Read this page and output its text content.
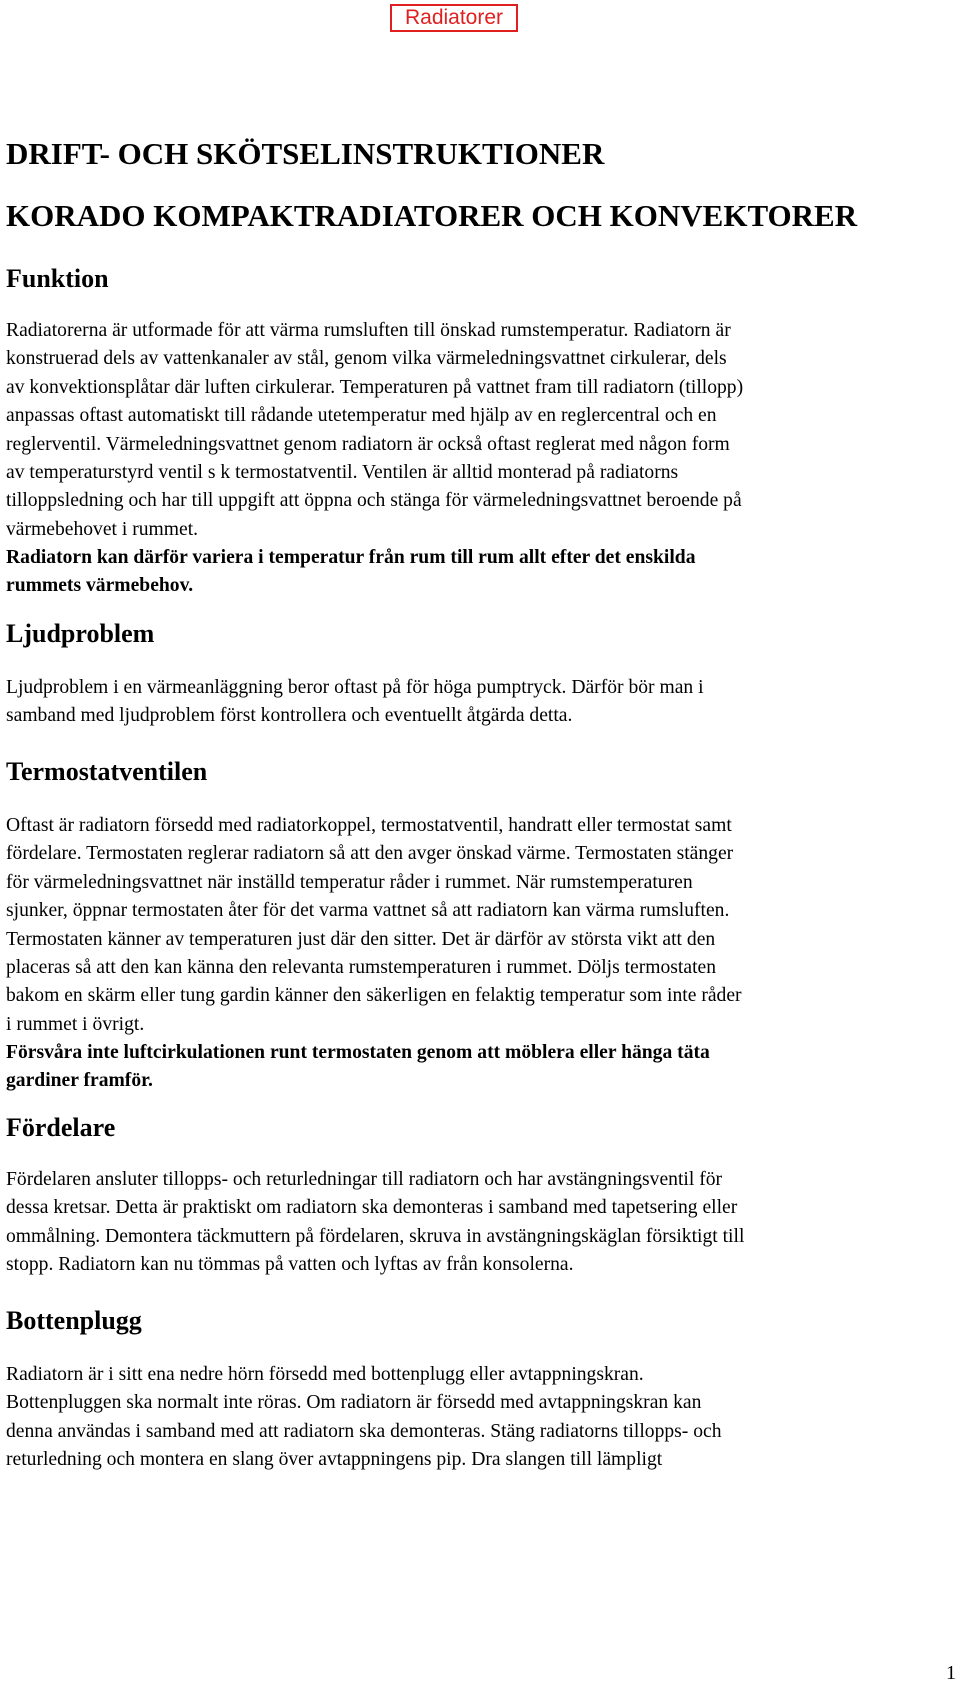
Radiatorer
DRIFT- OCH SKÖTSELINSTRUKTIONER
KORADO KOMPAKTRADIATORER OCH KONVEKTORER
Funktion
Radiatorerna är utformade för att värma rumsluften till önskad rumstemperatur. Radiatorn är
konstruerad dels av vattenkanaler av stål, genom vilka värmeledningsvattnet cirkulerar, dels
av konvektionsplåtar där luften cirkulerar. Temperaturen på vattnet fram till radiatorn (tillopp)
anpassas oftast automatiskt till rådande utetemperatur med hjälp av en reglercentral och en
reglerventil. Värmeledningsvattnet genom radiatorn är också oftast reglerat med någon form
av temperaturstyrd ventil s k termostatventil. Ventilen är alltid monterad på radiatorns
tilloppsledning och har till uppgift att öppna och stänga för värmeledningsvattnet beroende på
värmebehovet i rummet.
Radiatorn kan därför variera i temperatur från rum till rum allt efter det enskilda
rummets värmebehov.
Ljudproblem
Ljudproblem i en värmeanläggning beror oftast på för höga pumptryck. Därför bör man i
samband med ljudproblem först kontrollera och eventuellt åtgärda detta.
Termostatventilen
Oftast är radiatorn försedd med radiatorkoppel, termostatventil, handratt eller termostat samt
fördelare. Termostaten reglerar radiatorn så att den avger önskad värme. Termostaten stänger
för värmeledningsvattnet när inställd temperatur råder i rummet. När rumstemperaturen
sjunker, öppnar termostaten åter för det varma vattnet så att radiatorn kan värma rumsluften.
Termostaten känner av temperaturen just där den sitter. Det är därför av största vikt att den
placeras så att den kan känna den relevanta rumstemperaturen i rummet. Döljs termostaten
bakom en skärm eller tung gardin känner den säkerligen en felaktig temperatur som inte råder
i rummet i övrigt.
Försvåra inte luftcirkulationen runt termostaten genom att möblera eller hänga täta
gardiner framför.
Fördelare
Fördelaren ansluter tillopps- och returledningar till radiatorn och har avstängningsventil för
dessa kretsar. Detta är praktiskt om radiatorn ska demonteras i samband med tapetsering eller
ommålning. Demontera täckmuttern på fördelaren, skruva in avstängningskäglan försiktigt till
stopp. Radiatorn kan nu tömmas på vatten och lyftas av från konsolerna.
Bottenplugg
Radiatorn är i sitt ena nedre hörn försedd med bottenplugg eller avtappningskran.
Bottenpluggen ska normalt inte röras. Om radiatorn är försedd med avtappningskran kan
denna användas i samband med att radiatorn ska demonteras. Stäng radiatorns tillopps- och
returledning och montera en slang över avtappningens pip. Dra slangen till lämpligt
1
